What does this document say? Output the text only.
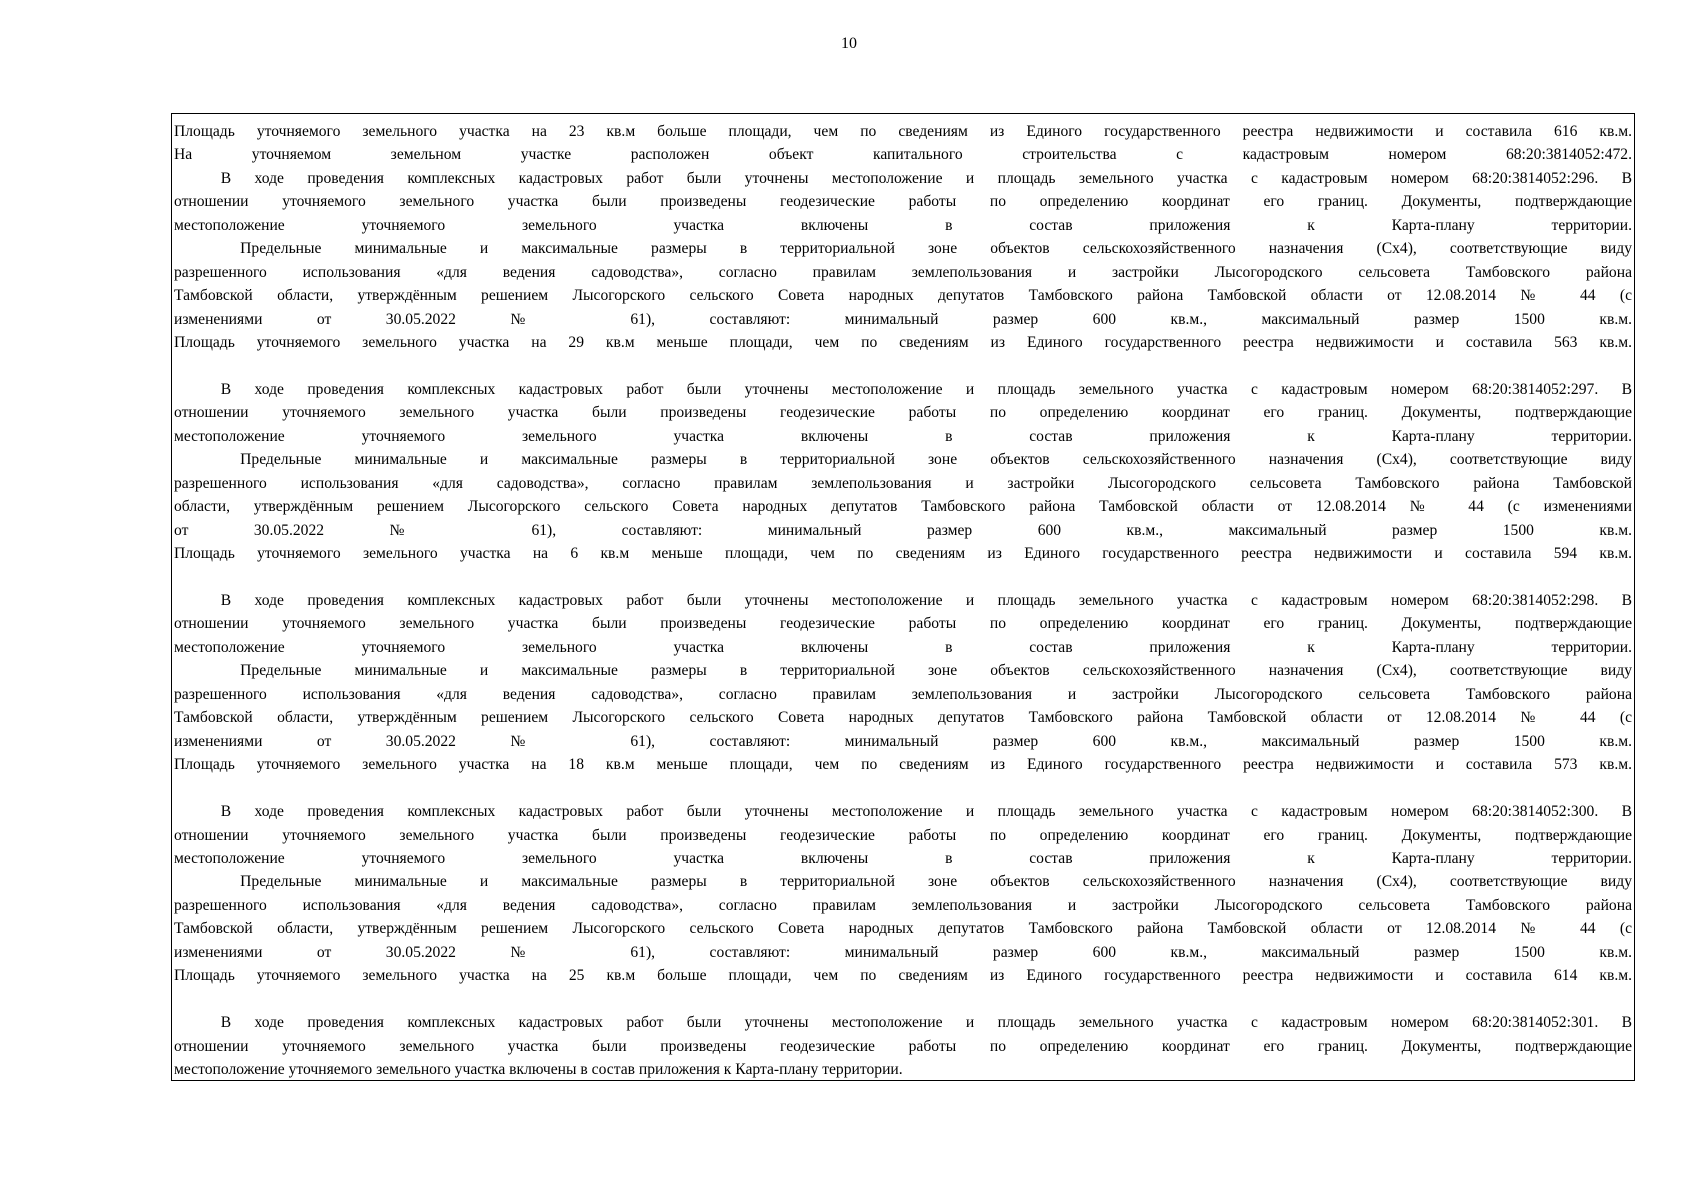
10
Площадь уточняемого земельного участка на 23 кв.м больше площади, чем по сведениям из Единого государственного реестра недвижимости и составила 616 кв.м.
На уточняемом земельном участке расположен объект капитального строительства с кадастровым номером 68:20:3814052:472.
В ходе проведения комплексных кадастровых работ были уточнены местоположение и площадь земельного участка с кадастровым номером 68:20:3814052:296. В
отношении уточняемого земельного участка были произведены геодезические работы по определению координат его границ. Документы, подтверждающие
местоположение уточняемого земельного участка включены в состав приложения к Карта-плану территории.
Предельные минимальные и максимальные размеры в территориальной зоне объектов сельскохозяйственного назначения (Сх4), соответствующие виду
разрешенного использования «для ведения садоводства», согласно правилам землепользования и застройки Лысогородского сельсовета Тамбовского района
Тамбовской области, утверждённым решением Лысогорского сельского Совета народных депутатов Тамбовского района Тамбовской области от 12.08.2014 № 44 (с
изменениями от 30.05.2022 № 61), составляют: минимальный размер 600 кв.м., максимальный размер 1500 кв.м.
Площадь уточняемого земельного участка на 29 кв.м меньше площади, чем по сведениям из Единого государственного реестра недвижимости и составила 563 кв.м.
В ходе проведения комплексных кадастровых работ были уточнены местоположение и площадь земельного участка с кадастровым номером 68:20:3814052:297. В
отношении уточняемого земельного участка были произведены геодезические работы по определению координат его границ. Документы, подтверждающие
местоположение уточняемого земельного участка включены в состав приложения к Карта-плану территории.
Предельные минимальные и максимальные размеры в территориальной зоне объектов сельскохозяйственного назначения (Сх4), соответствующие виду
разрешенного использования «для садоводства», согласно правилам землепользования и застройки Лысогородского сельсовета Тамбовского района Тамбовской
области, утверждённым решением Лысогорского сельского Совета народных депутатов Тамбовского района Тамбовской области от 12.08.2014 № 44 (с изменениями
от 30.05.2022 № 61), составляют: минимальный размер 600 кв.м., максимальный размер 1500 кв.м.
Площадь уточняемого земельного участка на 6 кв.м меньше площади, чем по сведениям из Единого государственного реестра недвижимости и составила 594 кв.м.
В ходе проведения комплексных кадастровых работ были уточнены местоположение и площадь земельного участка с кадастровым номером 68:20:3814052:298. В
отношении уточняемого земельного участка были произведены геодезические работы по определению координат его границ. Документы, подтверждающие
местоположение уточняемого земельного участка включены в состав приложения к Карта-плану территории.
Предельные минимальные и максимальные размеры в территориальной зоне объектов сельскохозяйственного назначения (Сх4), соответствующие виду
разрешенного использования «для ведения садоводства», согласно правилам землепользования и застройки Лысогородского сельсовета Тамбовского района
Тамбовской области, утверждённым решением Лысогорского сельского Совета народных депутатов Тамбовского района Тамбовской области от 12.08.2014 № 44 (с
изменениями от 30.05.2022 № 61), составляют: минимальный размер 600 кв.м., максимальный размер 1500 кв.м.
Площадь уточняемого земельного участка на 18 кв.м меньше площади, чем по сведениям из Единого государственного реестра недвижимости и составила 573 кв.м.
В ходе проведения комплексных кадастровых работ были уточнены местоположение и площадь земельного участка с кадастровым номером 68:20:3814052:300. В
отношении уточняемого земельного участка были произведены геодезические работы по определению координат его границ. Документы, подтверждающие
местоположение уточняемого земельного участка включены в состав приложения к Карта-плану территории.
Предельные минимальные и максимальные размеры в территориальной зоне объектов сельскохозяйственного назначения (Сх4), соответствующие виду
разрешенного использования «для ведения садоводства», согласно правилам землепользования и застройки Лысогородского сельсовета Тамбовского района
Тамбовской области, утверждённым решением Лысогорского сельского Совета народных депутатов Тамбовского района Тамбовской области от 12.08.2014 № 44 (с
изменениями от 30.05.2022 № 61), составляют: минимальный размер 600 кв.м., максимальный размер 1500 кв.м.
Площадь уточняемого земельного участка на 25 кв.м больше площади, чем по сведениям из Единого государственного реестра недвижимости и составила 614 кв.м.
В ходе проведения комплексных кадастровых работ были уточнены местоположение и площадь земельного участка с кадастровым номером 68:20:3814052:301. В
отношении уточняемого земельного участка были произведены геодезические работы по определению координат его границ. Документы, подтверждающие
местоположение уточняемого земельного участка включены в состав приложения к Карта-плану территории.
